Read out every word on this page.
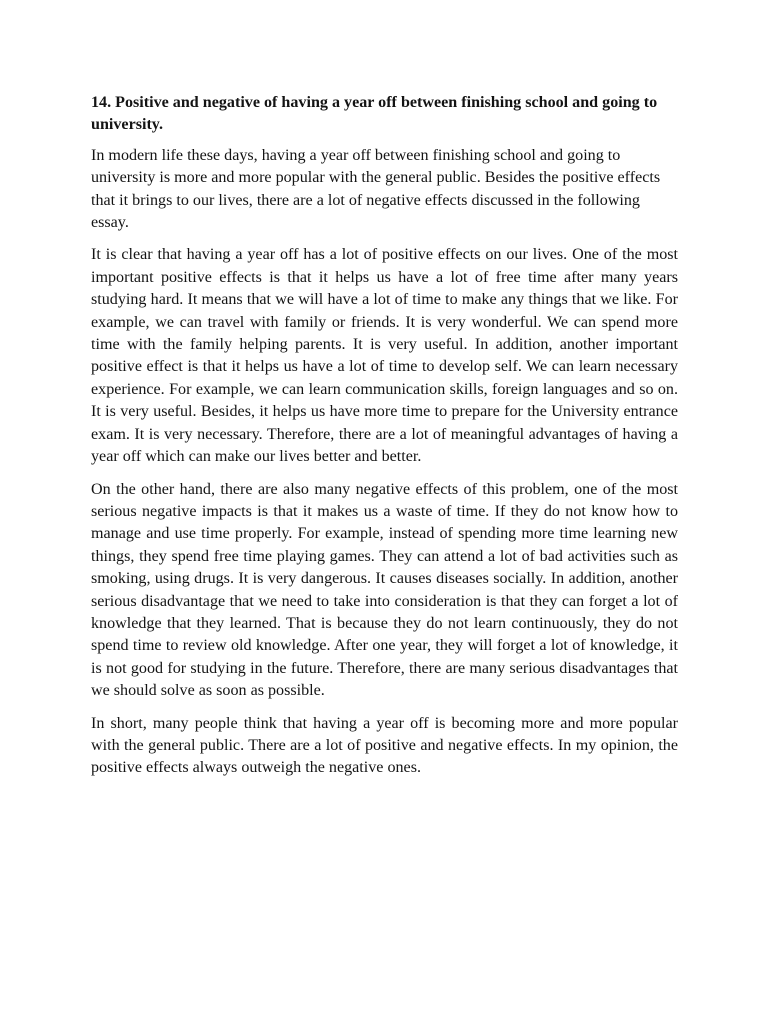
14. Positive and negative of having a year off between finishing school and going to university.

In modern life these days, having a year off between finishing school and going to university is more and more popular with the general public. Besides the positive effects that it brings to our lives, there are a lot of negative effects discussed in the following essay.

It is clear that having a year off has a lot of positive effects on our lives. One of the most important positive effects is that it helps us have a lot of free time after many years studying hard. It means that we will have a lot of time to make any things that we like. For example, we can travel with family or friends. It is very wonderful. We can spend more time with the family helping parents. It is very useful. In addition, another important positive effect is that it helps us have a lot of time to develop self. We can learn necessary experience. For example, we can learn communication skills, foreign languages and so on. It is very useful. Besides, it helps us have more time to prepare for the University entrance exam. It is very necessary. Therefore, there are a lot of meaningful advantages of having a year off which can make our lives better and better.

On the other hand, there are also many negative effects of this problem, one of the most serious negative impacts is that it makes us a waste of time. If they do not know how to manage and use time properly. For example, instead of spending more time learning new things, they spend free time playing games. They can attend a lot of bad activities such as smoking, using drugs. It is very dangerous. It causes diseases socially. In addition, another serious disadvantage that we need to take into consideration is that they can forget a lot of knowledge that they learned. That is because they do not learn continuously, they do not spend time to review old knowledge. After one year, they will forget a lot of knowledge, it is not good for studying in the future. Therefore, there are many serious disadvantages that we should solve as soon as possible.

In short, many people think that having a year off is becoming more and more popular with the general public. There are a lot of positive and negative effects. In my opinion, the positive effects always outweigh the negative ones.
